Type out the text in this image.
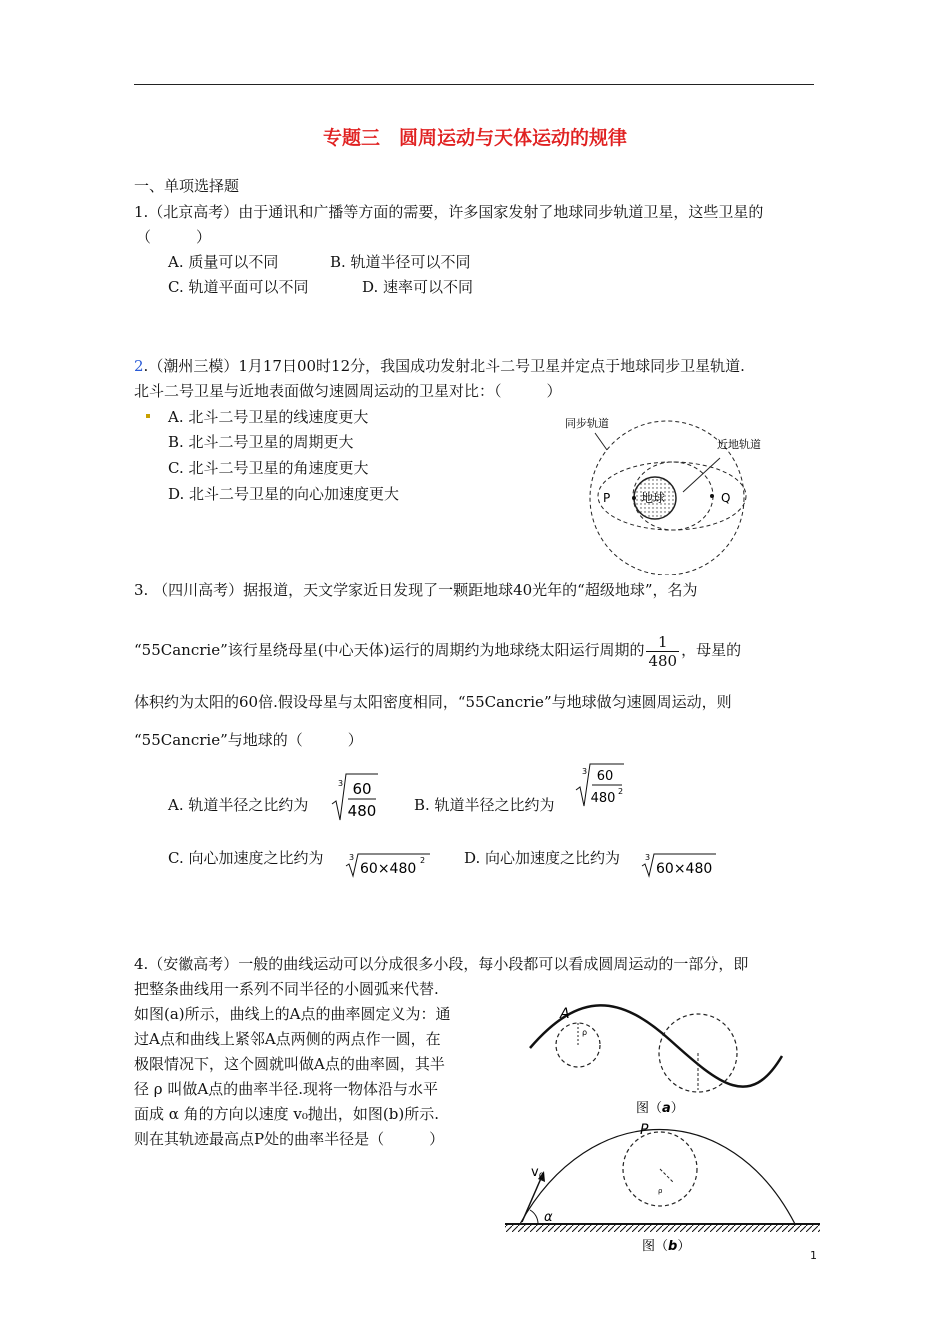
专题三　圆周运动与天体运动的规律
一、单项选择题
1.（北京高考）由于通讯和广播等方面的需要，许多国家发射了地球同步轨道卫星，这些卫星的
（　　　）
A. 质量可以不同	B. 轨道半径可以不同
C. 轨道平面可以不同	D. 速率可以不同
2.（潮州三模）1月17日00时12分，我国成功发射北斗二号卫星并定点于地球同步卫星轨道.
北斗二号卫星与近地表面做匀速圆周运动的卫星对比：（　　　）
A. 北斗二号卫星的线速度更大
B. 北斗二号卫星的周期更大
C. 北斗二号卫星的角速度更大
D. 北斗二号卫星的向心加速度更大
同步轨道
地球
近地轨道
P	Q
3. （四川高考）据报道，天文学家近日发现了一颗距地球40光年的“超级地球”，名为
“55Cancrie”该行星绕母星(中心天体)运行的周期约为地球绕太阳运行周期的 $\frac{1}{480}$ ，母星的
体积约为太阳的60倍.假设母星与太阳密度相同，“55Cancrie”与地球做匀速圆周运动，则
“55Cancrie”与地球的（　　　）
A. 轨道半径之比约为
3 60
480	B. 轨道半径之比约为
3 60
480 2
C. 向心加速度之比约为	3
60×480
2	D. 向心加速度之比约为	3
60×480
4.（安徽高考）一般的曲线运动可以分成很多小段，每小段都可以看成圆周运动的一部分，即
把整条曲线用一系列不同半径的小圆弧来代替.
如图(a)所示，曲线上的A点的曲率圆定义为：通
过A点和曲线上紧邻A点两侧的两点作一圆，在
极限情况下，这个圆就叫做A点的曲率圆，其半
径 ρ 叫做A点的曲率半径.现将一物体沿与水平
面成 α 角的方向以速度 v₀抛出，如图(b)所示.
则在其轨迹最高点P处的曲率半径是（　　　）
A
ρ
图（a）
P
ρ
$v_0$
α
图（b）
1
